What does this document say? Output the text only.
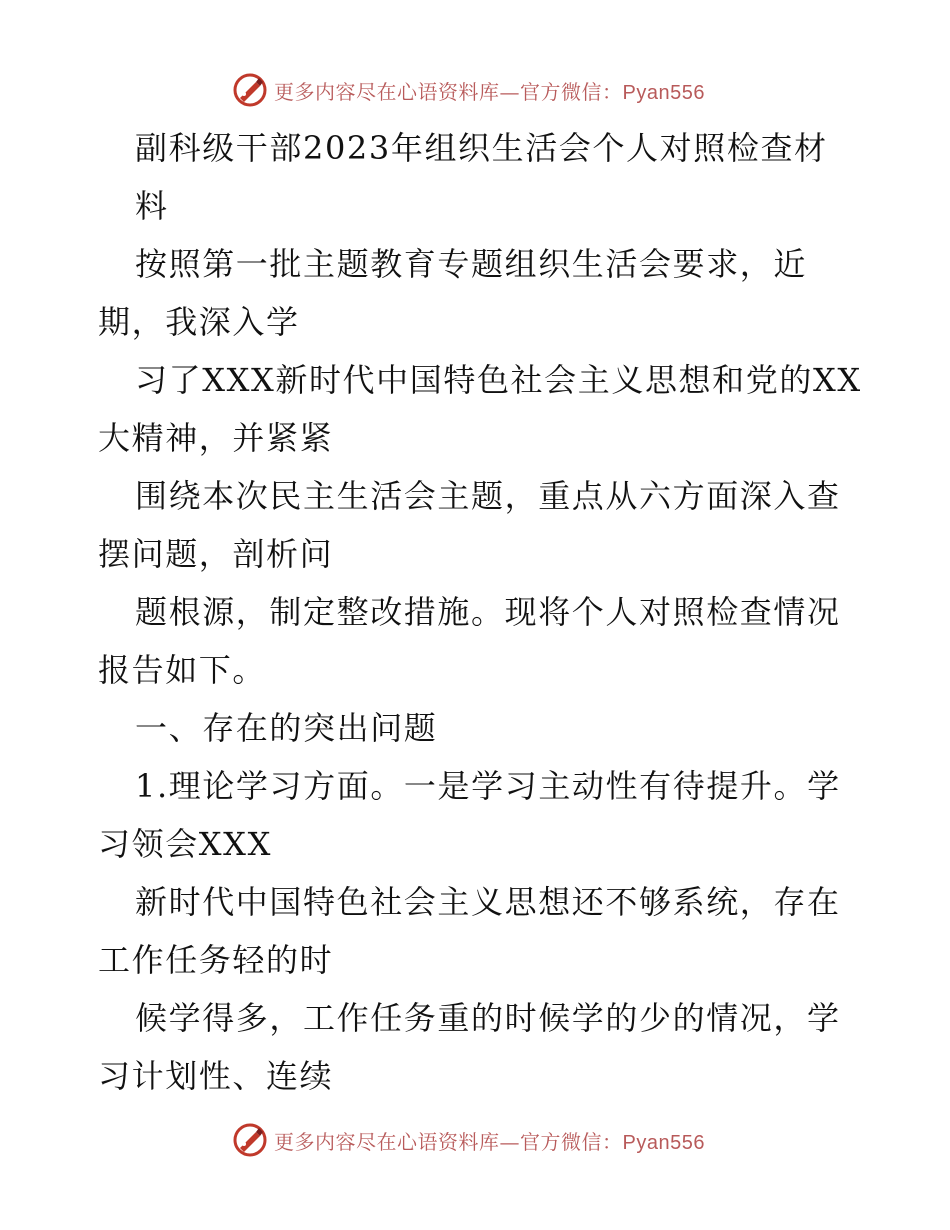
更多内容尽在心语资料库—官方微信：Pyan556
副科级干部2023年组织生活会个人对照检查材
料
按照第一批主题教育专题组织生活会要求，近
期，我深入学
习了XXX新时代中国特色社会主义思想和党的XX
大精神，并紧紧
围绕本次民主生活会主题，重点从六方面深入查
摆问题，剖析问
题根源，制定整改措施。现将个人对照检查情况
报告如下。
一、存在的突出问题
1.理论学习方面。一是学习主动性有待提升。学
习领会XXX
新时代中国特色社会主义思想还不够系统，存在
工作任务轻的时
候学得多，工作任务重的时候学的少的情况，学
习计划性、连续
更多内容尽在心语资料库—官方微信：Pyan556
